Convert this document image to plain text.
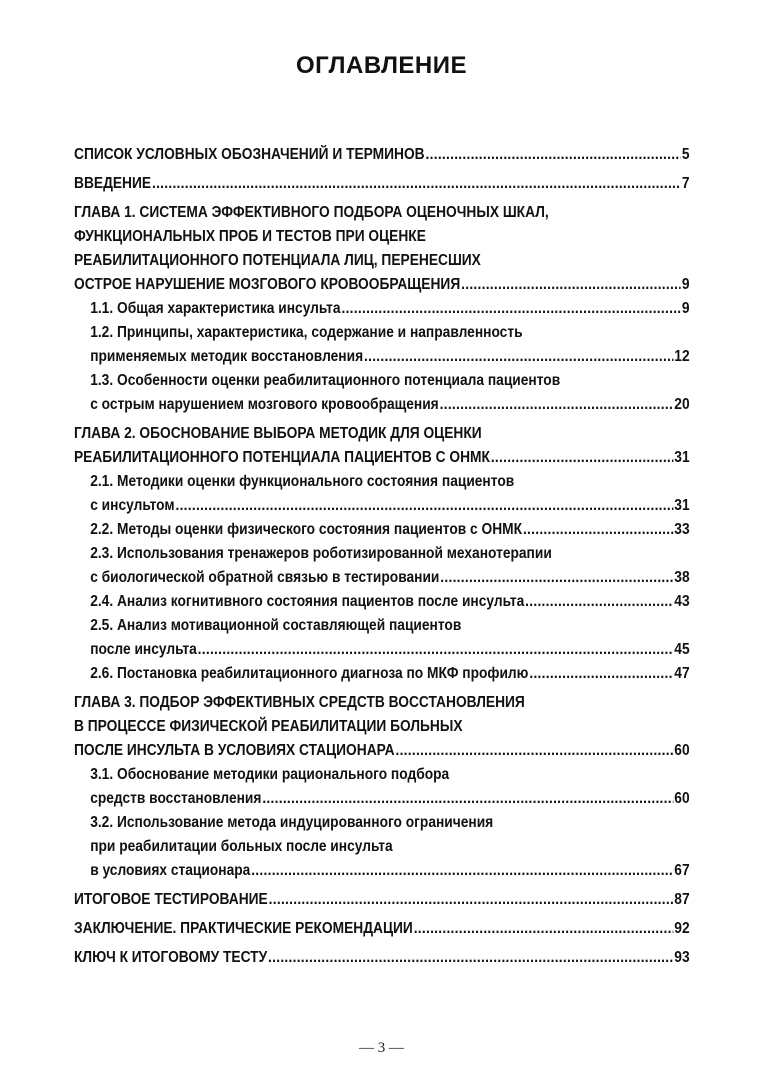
ОГЛАВЛЕНИЕ
СПИСОК УСЛОВНЫХ ОБОЗНАЧЕНИЙ И ТЕРМИНОВ .....	5
ВВЕДЕНИЕ .....	7
ГЛАВА 1. СИСТЕМА ЭФФЕКТИВНОГО ПОДБОРА ОЦЕНОЧНЫХ ШКАЛ,
ФУНКЦИОНАЛЬНЫХ ПРОБ И ТЕСТОВ ПРИ ОЦЕНКЕ
РЕАБИЛИТАЦИОННОГО ПОТЕНЦИАЛА ЛИЦ, ПЕРЕНЕСШИХ
ОСТРОЕ НАРУШЕНИЕ МОЗГОВОГО КРОВООБРАЩЕНИЯ .....	9
1.1. Общая характеристика инсульта .....	9
1.2. Принципы, характеристика, содержание и направленность
применяемых методик восстановления .....	12
1.3. Особенности оценки реабилитационного потенциала пациентов
с острым нарушением мозгового кровообращения .....	20
ГЛАВА 2. ОБОСНОВАНИЕ ВЫБОРА МЕТОДИК ДЛЯ ОЦЕНКИ
РЕАБИЛИТАЦИОННОГО ПОТЕНЦИАЛА ПАЦИЕНТОВ С ОНМК .....	31
2.1. Методики оценки функционального состояния пациентов
с инсультом .....	31
2.2. Методы оценки физического состояния пациентов с ОНМК .....	33
2.3. Использования тренажеров роботизированной механотерапии
с биологической обратной связью в тестировании .....	38
2.4. Анализ когнитивного состояния пациентов после инсульта .....	43
2.5. Анализ мотивационной составляющей пациентов
после инсульта .....	45
2.6. Постановка реабилитационного диагноза по МКФ профилю .....	47
ГЛАВА 3. ПОДБОР ЭФФЕКТИВНЫХ СРЕДСТВ ВОССТАНОВЛЕНИЯ
В ПРОЦЕССЕ ФИЗИЧЕСКОЙ РЕАБИЛИТАЦИИ БОЛЬНЫХ
ПОСЛЕ ИНСУЛЬТА В УСЛОВИЯХ СТАЦИОНАРА .....	60
3.1. Обоснование методики рационального подбора
средств восстановления .....	60
3.2. Использование метода индуцированного ограничения
при реабилитации больных после инсульта
в условиях стационара .....	67
ИТОГОВОЕ ТЕСТИРОВАНИЕ .....	87
ЗАКЛЮЧЕНИЕ. ПРАКТИЧЕСКИЕ РЕКОМЕНДАЦИИ .....	92
КЛЮЧ К ИТОГОВОМУ ТЕСТУ .....	93
— 3 —
